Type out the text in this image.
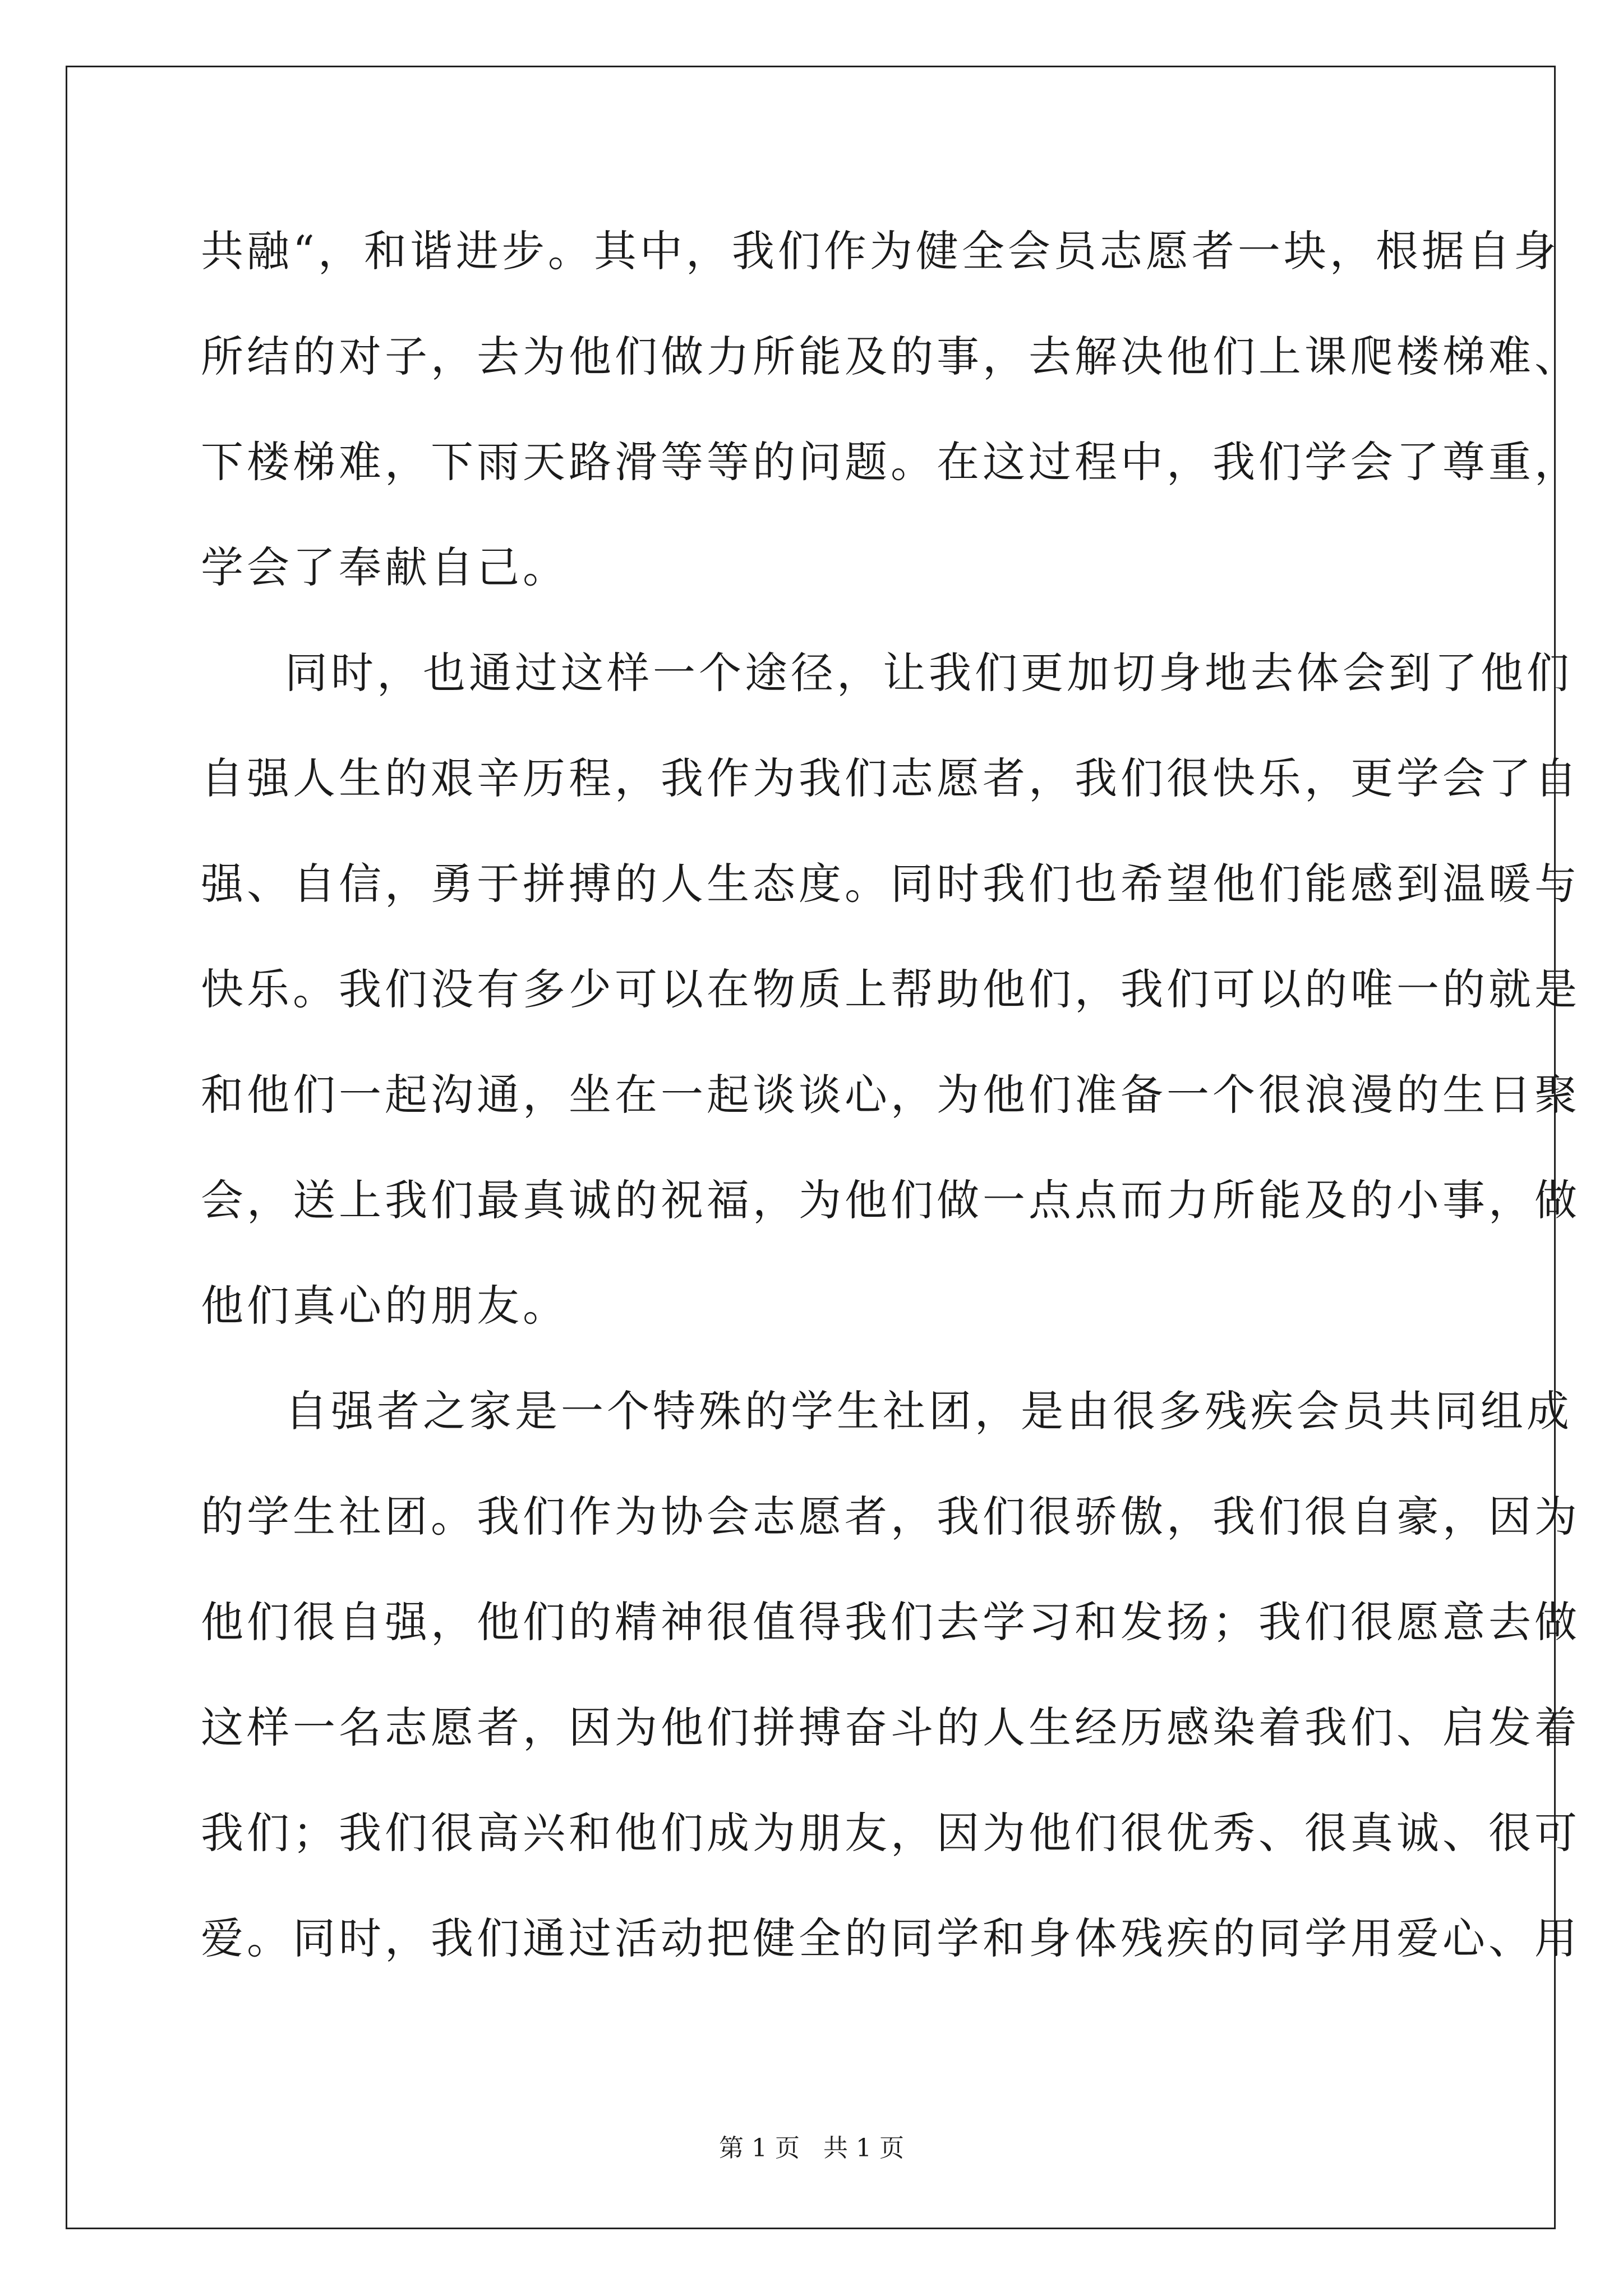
共融“，和谐进步。其中，我们作为健全会员志愿者一块，根据自身
所结的对子，去为他们做力所能及的事，去解决他们上课爬楼梯难、
下楼梯难，下雨天路滑等等的问题。在这过程中，我们学会了尊重，
学会了奉献自己。
同时，也通过这样一个途径，让我们更加切身地去体会到了他们
自强人生的艰辛历程，我作为我们志愿者，我们很快乐，更学会了自
强、自信，勇于拼搏的人生态度。同时我们也希望他们能感到温暖与
快乐。我们没有多少可以在物质上帮助他们，我们可以的唯一的就是
和他们一起沟通，坐在一起谈谈心，为他们准备一个很浪漫的生日聚
会，送上我们最真诚的祝福，为他们做一点点而力所能及的小事，做
他们真心的朋友。
自强者之家是一个特殊的学生社团，是由很多残疾会员共同组成
的学生社团。我们作为协会志愿者，我们很骄傲，我们很自豪，因为
他们很自强，他们的精神很值得我们去学习和发扬；我们很愿意去做
这样一名志愿者，因为他们拼搏奋斗的人生经历感染着我们、启发着
我们；我们很高兴和他们成为朋友，因为他们很优秀、很真诚、很可
爱。同时，我们通过活动把健全的同学和身体残疾的同学用爱心、用
第 1 页   共 1 页
